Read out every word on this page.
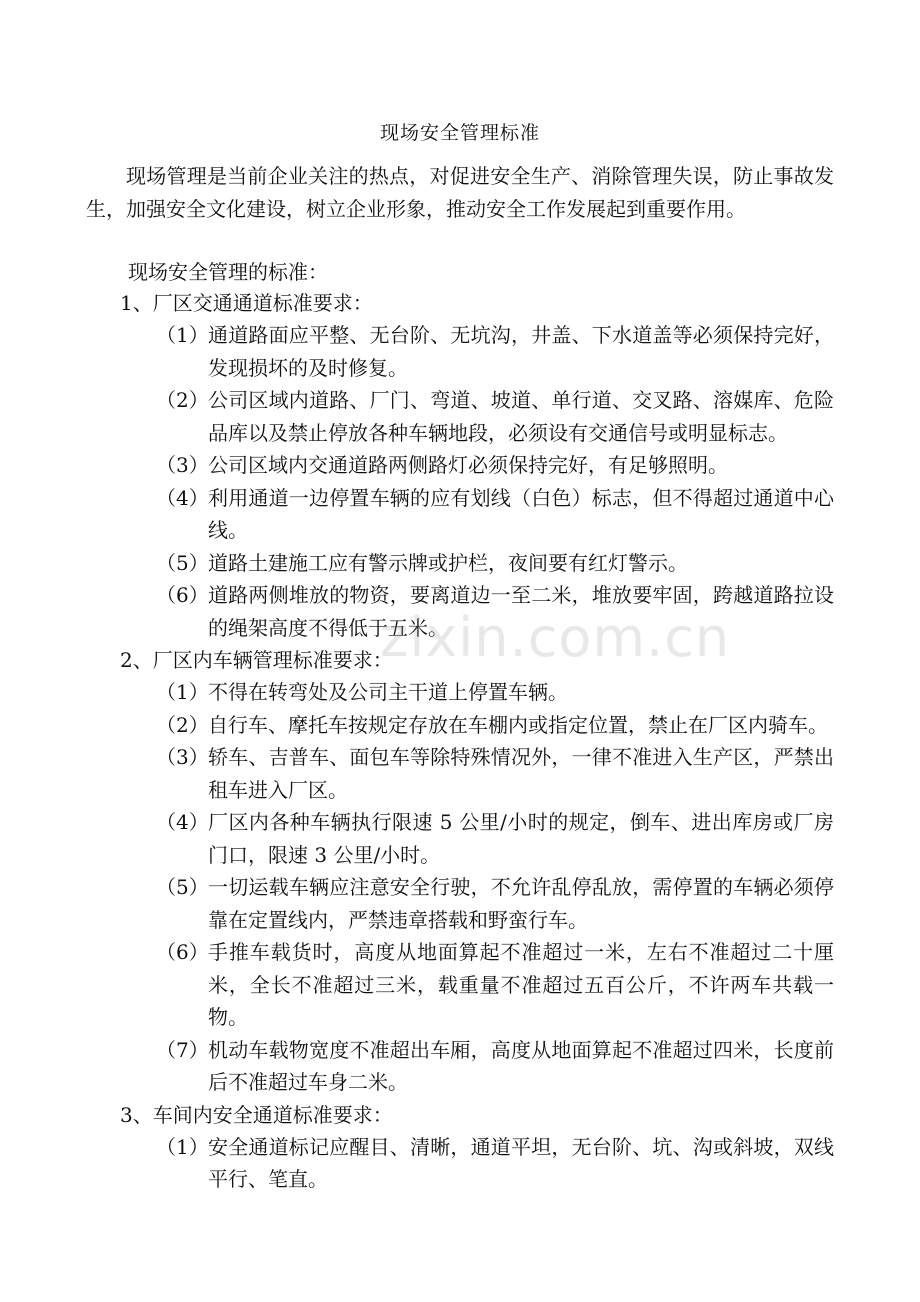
现场安全管理标准
现场管理是当前企业关注的热点，对促进安全生产、消除管理失误，防止事故发生，加强安全文化建设，树立企业形象，推动安全工作发展起到重要作用。
现场安全管理的标准：
1、厂区交通通道标准要求：
（1） 通道路面应平整、无台阶、无坑沟，井盖、下水道盖等必须保持完好，发现损坏的及时修复。
（2） 公司区域内道路、厂门、弯道、坡道、单行道、交叉路、溶媒库、危险品库以及禁止停放各种车辆地段，必须设有交通信号或明显标志。
（3） 公司区域内交通道路两侧路灯必须保持完好，有足够照明。
（4） 利用通道一边停置车辆的应有划线（白色）标志，但不得超过通道中心线。
（5） 道路土建施工应有警示牌或护栏，夜间要有红灯警示。
（6） 道路两侧堆放的物资，要离道边一至二米，堆放要牢固，跨越道路拉设的绳架高度不得低于五米。
2、厂区内车辆管理标准要求：
（1） 不得在转弯处及公司主干道上停置车辆。
（2） 自行车、摩托车按规定存放在车棚内或指定位置，禁止在厂区内骑车。
（3） 轿车、吉普车、面包车等除特殊情况外，一律不准进入生产区，严禁出租车进入厂区。
（4） 厂区内各种车辆执行限速 5 公里/小时的规定，倒车、进出库房或厂房门口，限速 3 公里/小时。
（5） 一切运载车辆应注意安全行驶，不允许乱停乱放，需停置的车辆必须停靠在定置线内，严禁违章搭载和野蛮行车。
（6） 手推车载货时，高度从地面算起不准超过一米，左右不准超过二十厘米，全长不准超过三米，载重量不准超过五百公斤，不许两车共载一物。
（7） 机动车载物宽度不准超出车厢，高度从地面算起不准超过四米，长度前后不准超过车身二米。
3、车间内安全通道标准要求：
（1） 安全通道标记应醒目、清晰，通道平坦，无台阶、坑、沟或斜坡，双线平行、笔直。
zixin.com.cn
